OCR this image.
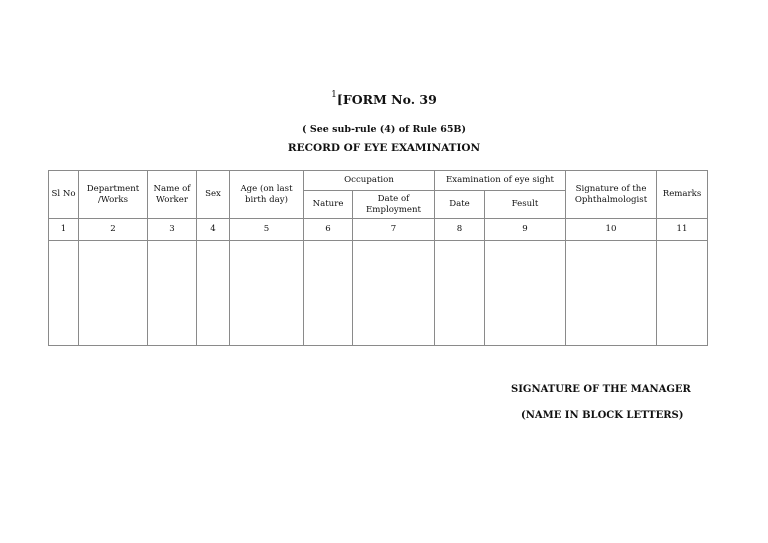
$^1$[FORM No. 39
( See sub-rule (4) of Rule 65B)
RECORD OF EYE EXAMINATION
Sl No	Department /Works	Name of Worker	Sex	Age (on last birth day)	Occupation		Examination of eye sight		Signature of the Ophthalmologist	Remarks
					Nature	Date of Employment	Date	Fesult		
1	2	3	4	5	6	7	8	9	10	11

SIGNATURE OF THE MANAGER
(NAME IN BLOCK LETTERS)
